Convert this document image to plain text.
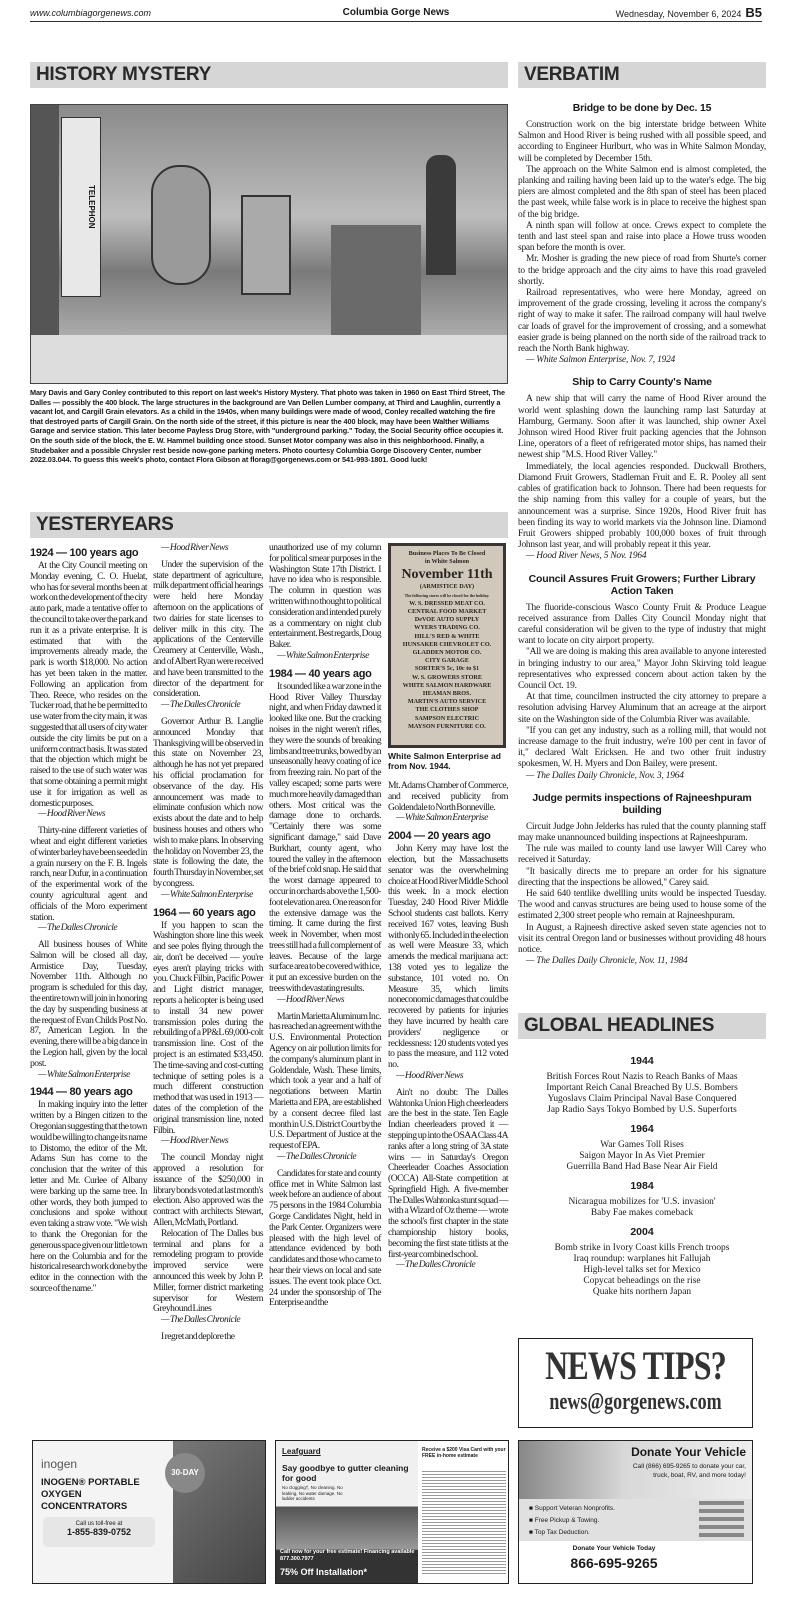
www.columbiagorgenews.com	Columbia Gorge News	Wednesday, November 6, 2024 B5
HISTORY MYSTERY
TELEPHON
Mary Davis and Gary Conley contributed to this report on last week's History Mystery. That photo was taken in 1960 on East Third Street, The Dalles — possibly the 400 block. The large structures in the background are Van Dellen Lumber company, at Third and Laughlin, currently a vacant lot, and Cargill Grain elevators. As a child in the 1940s, when many buildings were made of wood, Conley recalled watching the fire that destroyed parts of Cargill Grain. On the north side of the street, if this picture is near the 400 block, may have been Walther Williams Garage and service station. This later become Payless Drug Store, with "underground parking." Today, the Social Security office occupies it. On the south side of the block, the E. W. Hammel building once stood. Sunset Motor company was also in this neighborhood. Finally, a Studebaker and a possible Chrysler rest beside now-gone parking meters. Photo courtesy Columbia Gorge Discovery Center, number 2022.03.044. To guess this week's photo, contact Flora Gibson at florag@gorgenews.com or 541-993-1801. Good luck!
YESTERYEARS
1924 — 100 years ago

At the City Council meeting on Monday evening, C. O. Huelat, who has for several months been at work on the development of the city auto park, made a tentative offer to the council to take over the park and run it as a private enterprise. It is estimated that with the improvements already made, the park is worth $18,000. No action has yet been taken in the matter. Following an application from Theo. Reece, who resides on the Tucker road, that he be permitted to use water from the city main, it was suggested that all users of city water outside the city limits be put on a uniform contract basis. It was stated that the objection which might be raised to the use of such water was that some obtaining a permit might use it for irrigation as well as domestic purposes.

— Hood River News

Thirty-nine different varieties of wheat and eight different varieties of winter barley have been seeded in a grain nursery on the F. B. Ingels ranch, near Dufur, in a continuation of the experimental work of the county agricultural agent and officials of the Moro experiment station.

— The Dalles Chronicle

All business houses of White Salmon will be closed all day, Armistice Day, Tuesday, November 11th. Although no program is scheduled for this day, the entire town will join in honoring the day by suspending business at the request of Evan Childs Post No. 87, American Legion. In the evening, there will be a big dance in the Legion hall, given by the local post.

— White Salmon Enterprise

1944 — 80 years ago

In making inquiry into the letter written by a Bingen citizen to the Oregonian suggesting that the town would be willing to change its name to Distomo, the editor of the Mt. Adams Sun has come to the conclusion that the writer of this letter and Mr. Curlee of Albany were barking up the same tree. In other words, they both jumped to conclusions and spoke without even taking a straw vote. "We wish to thank the Oregonian for the generous space given our little town here on the Columbia and for the historical research work done by the editor in the connection with the source of the name."

— Hood River News

Under the supervision of the state department of agriculture, milk department official hearings were held here Monday afternoon on the applications of two dairies for state licenses to deliver milk in this city. The applications of the Centerville Creamery at Centerville, Wash., and of Albert Ryan were received and have been transmitted to the director of the department for consideration.

— The Dalles Chronicle

Governor Arthur B. Langlie announced Monday that Thanksgiving will be observed in this state on November 23, although he has not yet prepared his official proclamation for observance of the day. His announcement was made to eliminate confusion which now exists about the date and to help business houses and others who wish to make plans. In observing the holiday on November 23, the state is following the date, the fourth Thursday in November, set by congress.

— White Salmon Enterprise

1964 — 60 years ago

If you happen to scan the Washington shore line this week and see poles flying through the air, don't be deceived — you're eyes aren't playing tricks with you. Chuck Filbin, Pacific Power and Light district manager, reports a helicopter is being used to install 34 new power transmission poles during the rebuilding of a PP&L 69,000-colt transmission line. Cost of the project is an estimated $33,450. The time-saving and cost-cutting technique of setting poles is a much different construction method that was used in 1913 — dates of the completion of the original transmission line, noted Filbin.

— Hood River News

The council Monday night approved a resolution for issuance of the $250,000 in library bonds voted at last month's election. Also approved was the contract with architects Stewart, Allen, McMath, Portland.

Relocation of The Dalles bus terminal and plans for a remodeling program to provide improved service were announced this week by John P. Miller, former district marketing supervisor for Western Greyhound Lines

— The Dalles Chronicle

I regret and deplore the

unauthorized use of my column for political smear purposes in the Washington State 17th District. I have no idea who is responsible. The column in question was written with no thought to political consideration and intended purely as a commentary on night club entertainment. Best regards, Doug Baker.

— White Salmon Enterprise

1984 — 40 years ago

It sounded like a war zone in the Hood River Valley Thursday night, and when Friday dawned it looked like one. But the cracking noises in the night weren't rifles, they were the sounds of breaking limbs and tree trunks, bowed by an unseasonally heavy coating of ice from freezing rain. No part of the valley escaped; some parts were much more heavily damaged than others. Most critical was the damage done to orchards. "Certainly there was some significant damage," said Dave Burkhart, county agent, who toured the valley in the afternoon of the brief cold snap. He said that the worst damage appeared to occur in orchards above the 1,500-foot elevation area. One reason for the extensive damage was the timing. It came during the first week in November, when most trees still had a full complement of leaves. Because of the large surface area to be covered with ice, it put an excessive burden on the trees with devastating results.

— Hood River News

Martin Marietta Aluminum Inc. has reached an agreement with the U.S. Environmental Protection Agency on air pollution limits for the company's aluminum plant in Goldendale, Wash. These limits, which took a year and a half of negotiations between Martin Marietta and EPA, are established by a consent decree filed last month in U.S. District Court by the U.S. Department of Justice at the request of EPA.

— The Dalles Chronicle

Candidates for state and county office met in White Salmon last week before an audience of about 75 persons in the 1984 Columbia Gorge Candidates Night, held in the Park Center. Organizers were pleased with the high level of attendance evidenced by both candidates and those who came to hear their views on local and sate issues. The event took place Oct. 24 under the sponsorship of The Enterprise and the

Business Places To Be Closed
in White Salmon
November 11th
(ARMISTICE DAY)
The following stores will be closed for the holiday.
W. S. DRESSED MEAT CO.
CENTRAL FOOD MARKET
DeVOE AUTO SUPPLY
WYERS TRADING CO.
HILL'S RED & WHITE
HUNSAKER CHEVROLET CO.
GLADDEN MOTOR CO.
CITY GARAGE
SORTER'S 5c, 10c to $1
W. S. GROWERS STORE
WHITE SALMON HARDWARE
HEAMAN BROS.
MARTIN'S AUTO SERVICE
THE CLOTHES SHOP
SAMPSON ELECTRIC
MAYSON FURNITURE CO.
White Salmon Enterprise ad from Nov. 1944.

Mt. Adams Chamber of Commerce, and received publicity from Goldendale to North Bonneville.

— White Salmon Enterprise

2004 — 20 years ago

John Kerry may have lost the election, but the Massachusetts senator was the overwhelming choice at Hood River Middle School this week. In a mock election Tuesday, 240 Hood River Middle School students cast ballots. Kerry received 167 votes, leaving Bush with only 65. Included in the election as well were Measure 33, which amends the medical marijuana act: 138 voted yes to legalize the substance, 101 voted no. On Measure 35, which limits noneconomic damages that could be recovered by patients for injuries they have incurred by health care providers' negligence or recklessness: 120 students voted yes to pass the measure, and 112 voted no.

— Hood River News

Ain't no doubt: The Dalles Wahtonka Union High cheerleaders are the best in the state. Ten Eagle Indian cheerleaders proved it — stepping up into the OSAA Class 4A ranks after a long string of 3A state wins — in Saturday's Oregon Cheerleader Coaches Association (OCCA) All-State competition at Springfield High. A five-member The Dalles Wahtonka stunt squad — with a Wizard of Oz theme — wrote the school's first chapter in the state championship history books, becoming the first state titlists at the first-year combined school.

— The Dalles Chronicle

VERBATIM
Bridge to be done by Dec. 15

Construction work on the big interstate bridge between White Salmon and Hood River is being rushed with all possible speed, and according to Engineer Hurlburt, who was in White Salmon Monday, will be completed by December 15th.

The approach on the White Salmon end is almost completed, the planking and railing having been laid up to the water's edge. The big piers are almost completed and the 8th span of steel has been placed the past week, while false work is in place to receive the highest span of the big bridge.

A ninth span will follow at once. Crews expect to complete the tenth and last steel span and raise into place a Howe truss wooden span before the month is over.

Mr. Mosher is grading the new piece of road from Shurte's corner to the bridge approach and the city aims to have this road graveled shortly.

Railroad representatives, who were here Monday, agreed on improvement of the grade crossing, leveling it across the company's right of way to make it safer. The railroad company will haul twelve car loads of gravel for the improvement of crossing, and a somewhat easier grade is being planned on the north side of the railroad track to reach the North Bank highway.

— White Salmon Enterprise, Nov. 7, 1924

Ship to Carry County's Name

A new ship that will carry the name of Hood River around the world went splashing down the launching ramp last Saturday at Hamburg, Germany. Soon after it was launched, ship owner Axel Johnson wired Hood River fruit packing agencies that the Johnson Line, operators of a fleet of refrigerated motor ships, has named their newest ship "M.S. Hood River Valley."

Immediately, the local agencies responded. Duckwall Brothers, Diamond Fruit Growers, Stadleman Fruit and E. R. Pooley all sent cables of gratification back to Johnson. There had been requests for the ship naming from this valley for a couple of years, but the announcement was a surprise. Since 1920s, Hood River fruit has been finding its way to world markets via the Johnson line. Diamond Fruit Growers shipped probably 100,000 boxes of fruit through Johnson last year, and will probably repeat it this year.

— Hood River News, 5 Nov. 1964

Council Assures Fruit Growers; Further Library Action Taken

The fluoride-conscious Wasco County Fruit & Produce League received assurance from Dalles City Council Monday night that careful consideration wil be given to the type of industry that might want to locate on city airport property.

"All we are doing is making this area available to anyone interested in bringing industry to our area," Mayor John Skirving told league representatives who expressed concern about action taken by the Council Oct. 19.

At that time, councilmen instructed the city attorney to prepare a resolution advising Harvey Aluminum that an acreage at the airport site on the Washington side of the Columbia River was available.

"If you can get any industry, such as a rolling mill, that would not increase damage to the fruit industry, we're 100 per cent in favor of it," declared Walt Ericksen. He and two other fruit industry spokesmen, W. H. Myers and Don Bailey, were present.

— The Dalles Daily Chronicle, Nov. 3, 1964

Judge permits inspections of Rajneeshpuram building

Circuit Judge John Jelderks has ruled that the county planning staff may make unannounced building inspections at Rajneeshpuram.

The rule was mailed to county land use lawyer Will Carey who received it Saturday.

"It basically directs me to prepare an order for his signature directing that the inspections be allowed," Carey said.

He said 640 tentlike dwellling units would be inspected Tuesday. The wood and canvas structures are being used to house some of the estimated 2,300 street people who remain at Rajneeshpuram.

In August, a Rajneesh directive asked seven state agencies not to visit its central Oregon land or businesses without providing 48 hours notice.

— The Dalles Daily Chronicle, Nov. 11, 1984

GLOBAL HEADLINES
1944
British Forces Rout Nazis to Reach Banks of Maas
Important Reich Canal Breached By U.S. Bombers
Yugoslavs Claim Principal Naval Base Conquered
Jap Radio Says Tokyo Bombed by U.S. Superforts
1964
War Games Toll Rises
Saigon Mayor In As Viet Premier
Guerrilla Band Had Base Near Air Field
1984
Nicaragua mobilizes for 'U.S. invasion'
Baby Fae makes comeback
2004
Bomb strike in Ivory Coast kills French troops
Iraq roundup: warplanes hit Fallujah
High-level talks set for Mexico
Copycat beheadings on the rise
Quake hits northern Japan
NEWS TIPS?
news@gorgenews.com
30-DAY
inogen
INOGEN® PORTABLE OXYGEN CONCENTRATORS
Call us toll-free at
1-855-839-0752
Leafguard
Say goodbye to gutter cleaning for good
No clogging†, No cleaning. No leaking, No water damage. No ladder accidents
Call now for your free estimate! Financing available 877.300.7977
75% Off Installation*
Receive a $200 Visa Card with your FREE in-home estimate	Donate Your Vehicle
Call (866) 695-9265 to donate your car, truck, boat, RV, and more today!
■ Support Veteran Nonprofits.
■ Free Pickup & Towing.
■ Top Tax Deduction.
Donate Your Vehicle Today
866-695-9265
